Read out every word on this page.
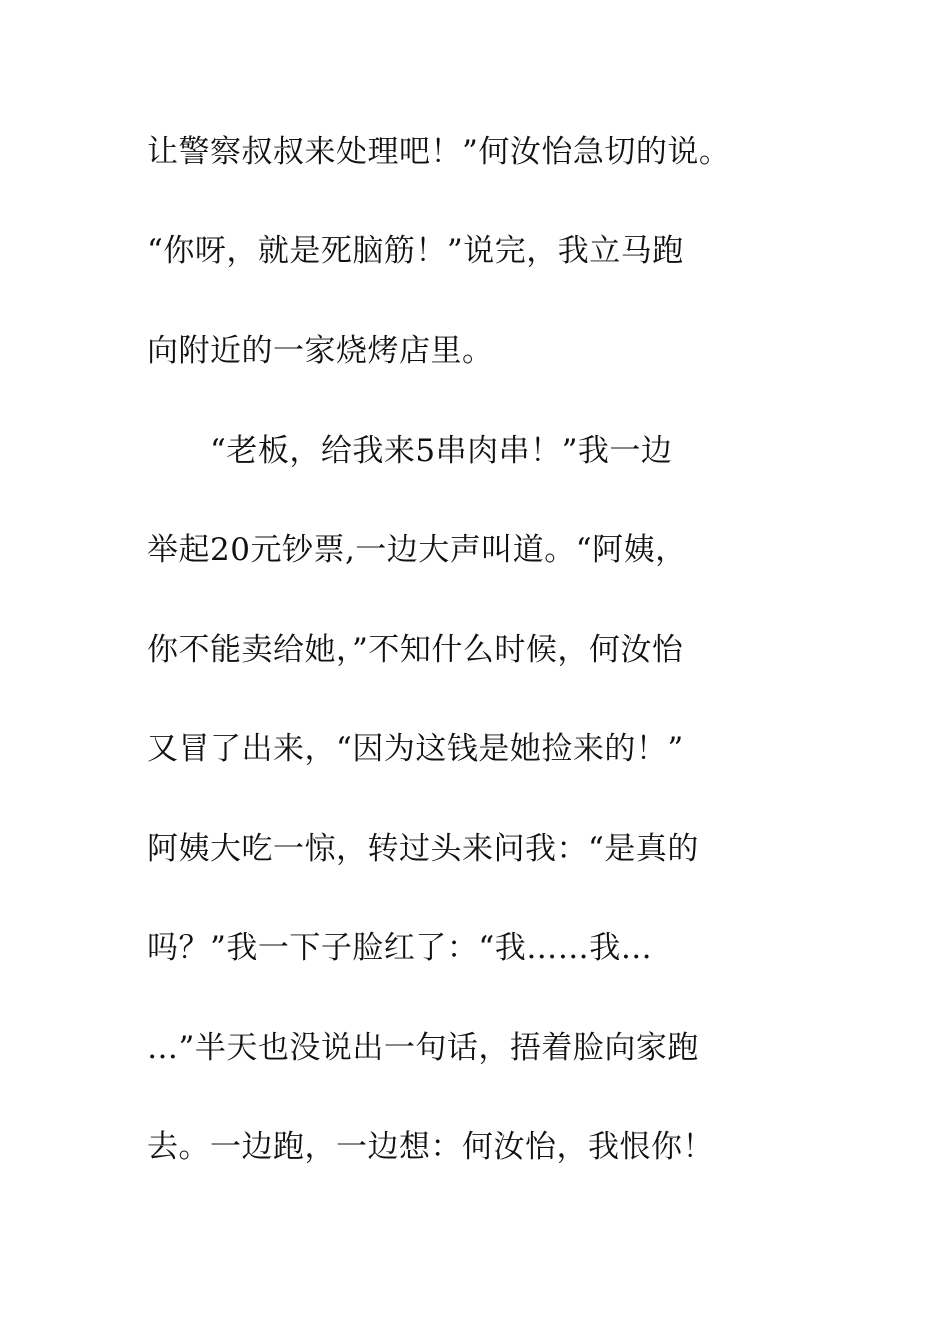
让警察叔叔来处理吧！”何汝怡急切的说。
“你呀，就是死脑筋！”说完，我立马跑
向附近的一家烧烤店里。
　　“老板，给我来5串肉串！”我一边
举起20元钞票,一边大声叫道。“阿姨，
你不能卖给她，”不知什么时候，何汝怡
又冒了出来，“因为这钱是她捡来的！”
阿姨大吃一惊，转过头来问我：“是真的
吗？”我一下子脸红了：“我……我…
…”半天也没说出一句话，捂着脸向家跑
去。一边跑，一边想：何汝怡，我恨你！
